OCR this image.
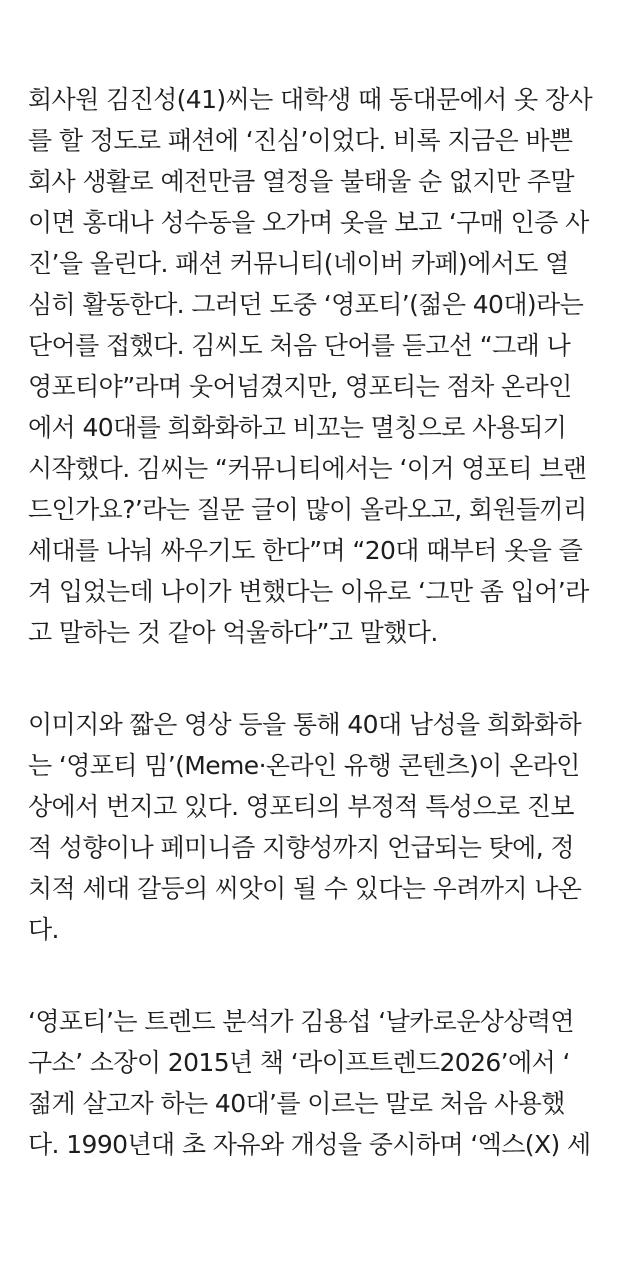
회사원 김진성(41)씨는 대학생 때 동대문에서 옷 장사
를 할 정도로 패션에 ‘진심’이었다. 비록 지금은 바쁜
회사 생활로 예전만큼 열정을 불태울 순 없지만 주말
이면 홍대나 성수동을 오가며 옷을 보고 ‘구매 인증 사
진’을 올린다. 패션 커뮤니티(네이버 카페)에서도 열
심히 활동한다. 그러던 도중 ‘영포티’(젊은 40대)라는
단어를 접했다. 김씨도 처음 단어를 듣고선 “그래 나
영포티야”라며 웃어넘겼지만, 영포티는 점차 온라인
에서 40대를 희화화하고 비꼬는 멸칭으로 사용되기
시작했다. 김씨는 “커뮤니티에서는 ‘이거 영포티 브랜
드인가요?’라는 질문 글이 많이 올라오고, 회원들끼리
세대를 나눠 싸우기도 한다”며 “20대 때부터 옷을 즐
겨 입었는데 나이가 변했다는 이유로 ‘그만 좀 입어’라
고 말하는 것 같아 억울하다”고 말했다.
이미지와 짧은 영상 등을 통해 40대 남성을 희화화하
는 ‘영포티 밈’(Meme·온라인 유행 콘텐츠)이 온라인
상에서 번지고 있다. 영포티의 부정적 특성으로 진보
적 성향이나 페미니즘 지향성까지 언급되는 탓에, 정
치적 세대 갈등의 씨앗이 될 수 있다는 우려까지 나온
다.
‘영포티’는 트렌드 분석가 김용섭 ‘날카로운상상력연
구소’ 소장이 2015년 책 ‘라이프트렌드2026’에서 ‘
젊게 살고자 하는 40대’를 이르는 말로 처음 사용했
다. 1990년대 초 자유와 개성을 중시하며 ‘엑스(X) 세
